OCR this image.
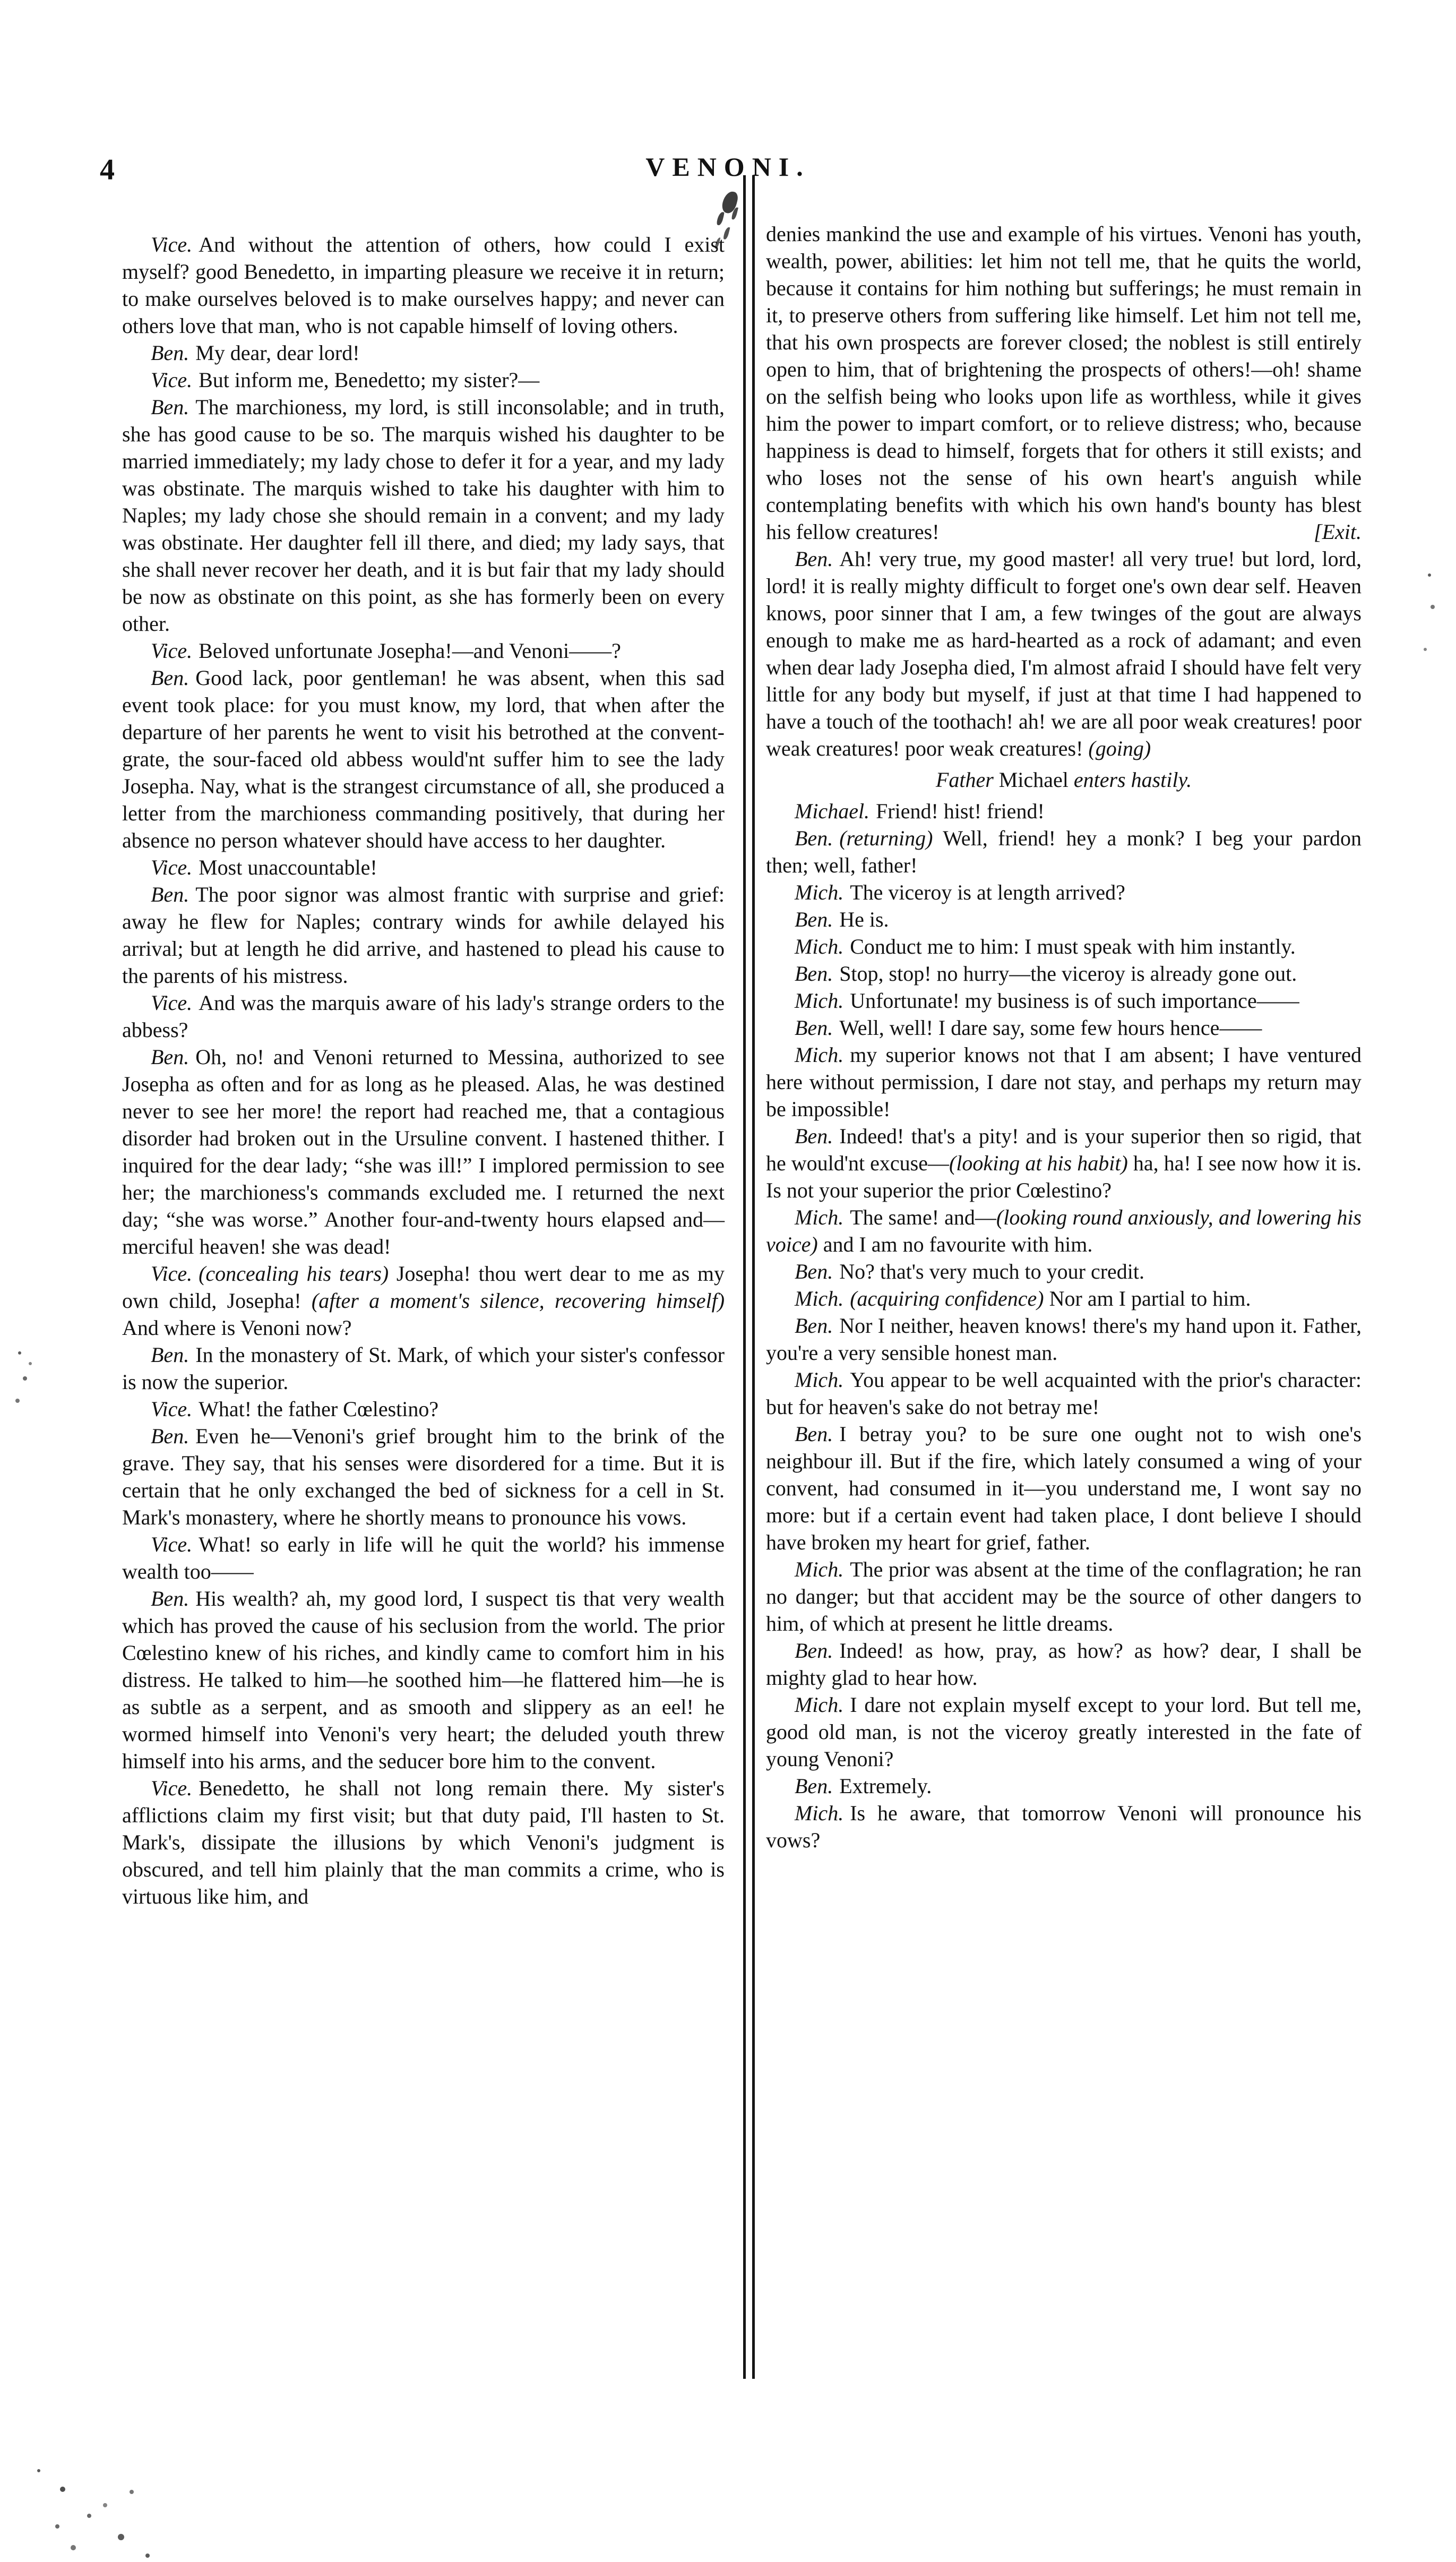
4	VENONI.

Vice. And without the attention of others, how could I exist myself? good Benedetto, in imparting pleasure we receive it in return; to make ourselves beloved is to make ourselves happy; and never can others love that man, who is not capable himself of loving others.

Ben. My dear, dear lord!

Vice. But inform me, Benedetto; my sister?—

Ben. The marchioness, my lord, is still inconsolable; and in truth, she has good cause to be so. The marquis wished his daughter to be married immediately; my lady chose to defer it for a year, and my lady was obstinate. The marquis wished to take his daughter with him to Naples; my lady chose she should remain in a convent; and my lady was obstinate. Her daughter fell ill there, and died; my lady says, that she shall never recover her death, and it is but fair that my lady should be now as obstinate on this point, as she has formerly been on every other.

Vice. Beloved unfortunate Josepha!—and Venoni——?

Ben. Good lack, poor gentleman! he was absent, when this sad event took place: for you must know, my lord, that when after the departure of her parents he went to visit his betrothed at the convent-grate, the sour-faced old abbess would'nt suffer him to see the lady Josepha. Nay, what is the strangest circumstance of all, she produced a letter from the marchioness commanding positively, that during her absence no person whatever should have access to her daughter.

Vice. Most unaccountable!

Ben. The poor signor was almost frantic with surprise and grief: away he flew for Naples; contrary winds for awhile delayed his arrival; but at length he did arrive, and hastened to plead his cause to the parents of his mistress.

Vice. And was the marquis aware of his lady's strange orders to the abbess?

Ben. Oh, no! and Venoni returned to Messina, authorized to see Josepha as often and for as long as he pleased. Alas, he was destined never to see her more! the report had reached me, that a contagious disorder had broken out in the Ursuline convent. I hastened thither. I inquired for the dear lady; “she was ill!” I implored permission to see her; the marchioness's commands excluded me. I returned the next day; “she was worse.” Another four-and-twenty hours elapsed and—merciful heaven! she was dead!

Vice. (concealing his tears) Josepha! thou wert dear to me as my own child, Josepha! (after a moment's silence, recovering himself) And where is Venoni now?

Ben. In the monastery of St. Mark, of which your sister's confessor is now the superior.

Vice. What! the father Cœlestino?

Ben. Even he—Venoni's grief brought him to the brink of the grave. They say, that his senses were disordered for a time. But it is certain that he only exchanged the bed of sickness for a cell in St. Mark's monastery, where he shortly means to pronounce his vows.

Vice. What! so early in life will he quit the world? his immense wealth too——

Ben. His wealth? ah, my good lord, I suspect tis that very wealth which has proved the cause of his seclusion from the world. The prior Cœlestino knew of his riches, and kindly came to comfort him in his distress. He talked to him—he soothed him—he flattered him—he is as subtle as a serpent, and as smooth and slippery as an eel! he wormed himself into Venoni's very heart; the deluded youth threw himself into his arms, and the seducer bore him to the convent.

Vice. Benedetto, he shall not long remain there. My sister's afflictions claim my first visit; but that duty paid, I'll hasten to St. Mark's, dissipate the illusions by which Venoni's judgment is obscured, and tell him plainly that the man commits a crime, who is virtuous like him, and

denies mankind the use and example of his virtues. Venoni has youth, wealth, power, abilities: let him not tell me, that he quits the world, because it contains for him nothing but sufferings; he must remain in it, to preserve others from suffering like himself. Let him not tell me, that his own prospects are forever closed; the noblest is still entirely open to him, that of brightening the prospects of others!—oh! shame on the selfish being who looks upon life as worthless, while it gives him the power to impart comfort, or to relieve distress; who, because happiness is dead to himself, forgets that for others it still exists; and who loses not the sense of his own heart's anguish while contemplating benefits with which his own hand's bounty has blest his fellow creatures!	[Exit.

Ben. Ah! very true, my good master! all very true! but lord, lord, lord! it is really mighty difficult to forget one's own dear self. Heaven knows, poor sinner that I am, a few twinges of the gout are always enough to make me as hard-hearted as a rock of adamant; and even when dear lady Josepha died, I'm almost afraid I should have felt very little for any body but myself, if just at that time I had happened to have a touch of the toothach! ah! we are all poor weak creatures! poor weak creatures! poor weak creatures! (going)

Father Michael enters hastily.

Michael. Friend! hist! friend!

Ben. (returning) Well, friend! hey a monk? I beg your pardon then; well, father!

Mich. The viceroy is at length arrived?

Ben. He is.

Mich. Conduct me to him: I must speak with him instantly.

Ben. Stop, stop! no hurry—the viceroy is already gone out.

Mich. Unfortunate! my business is of such importance——

Ben. Well, well! I dare say, some few hours hence——

Mich. my superior knows not that I am absent; I have ventured here without permission, I dare not stay, and perhaps my return may be impossible!

Ben. Indeed! that's a pity! and is your superior then so rigid, that he would'nt excuse—(looking at his habit) ha, ha! I see now how it is. Is not your superior the prior Cœlestino?

Mich. The same! and—(looking round anxiously, and lowering his voice) and I am no favourite with him.

Ben. No? that's very much to your credit.

Mich. (acquiring confidence) Nor am I partial to him.

Ben. Nor I neither, heaven knows! there's my hand upon it. Father, you're a very sensible honest man.

Mich. You appear to be well acquainted with the prior's character: but for heaven's sake do not betray me!

Ben. I betray you? to be sure one ought not to wish one's neighbour ill. But if the fire, which lately consumed a wing of your convent, had consumed in it—you understand me, I wont say no more: but if a certain event had taken place, I dont believe I should have broken my heart for grief, father.

Mich. The prior was absent at the time of the conflagration; he ran no danger; but that accident may be the source of other dangers to him, of which at present he little dreams.

Ben. Indeed! as how, pray, as how? as how? dear, I shall be mighty glad to hear how.

Mich. I dare not explain myself except to your lord. But tell me, good old man, is not the viceroy greatly interested in the fate of young Venoni?

Ben. Extremely.

Mich. Is he aware, that tomorrow Venoni will pronounce his vows?
